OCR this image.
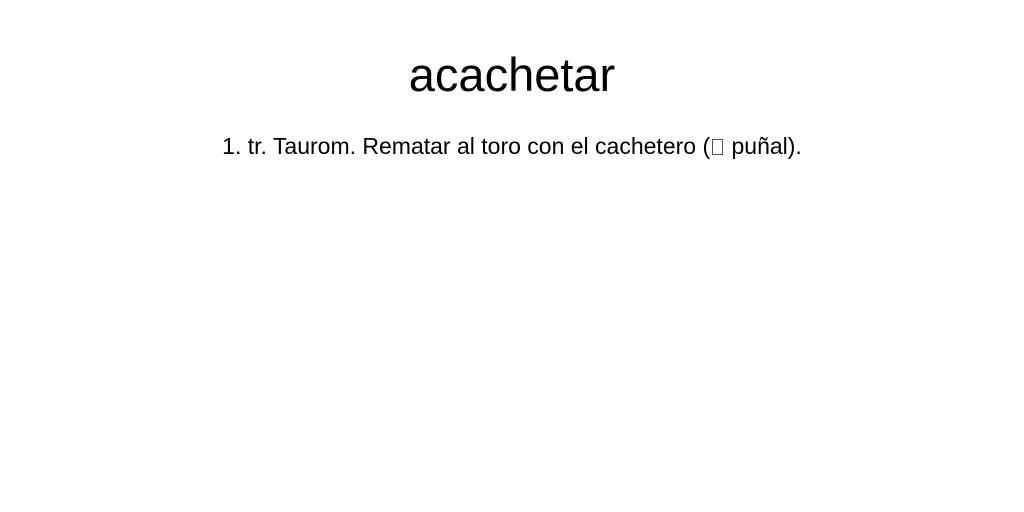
acachetar

1. tr. Taurom. Rematar al toro con el cachetero ( puñal).
